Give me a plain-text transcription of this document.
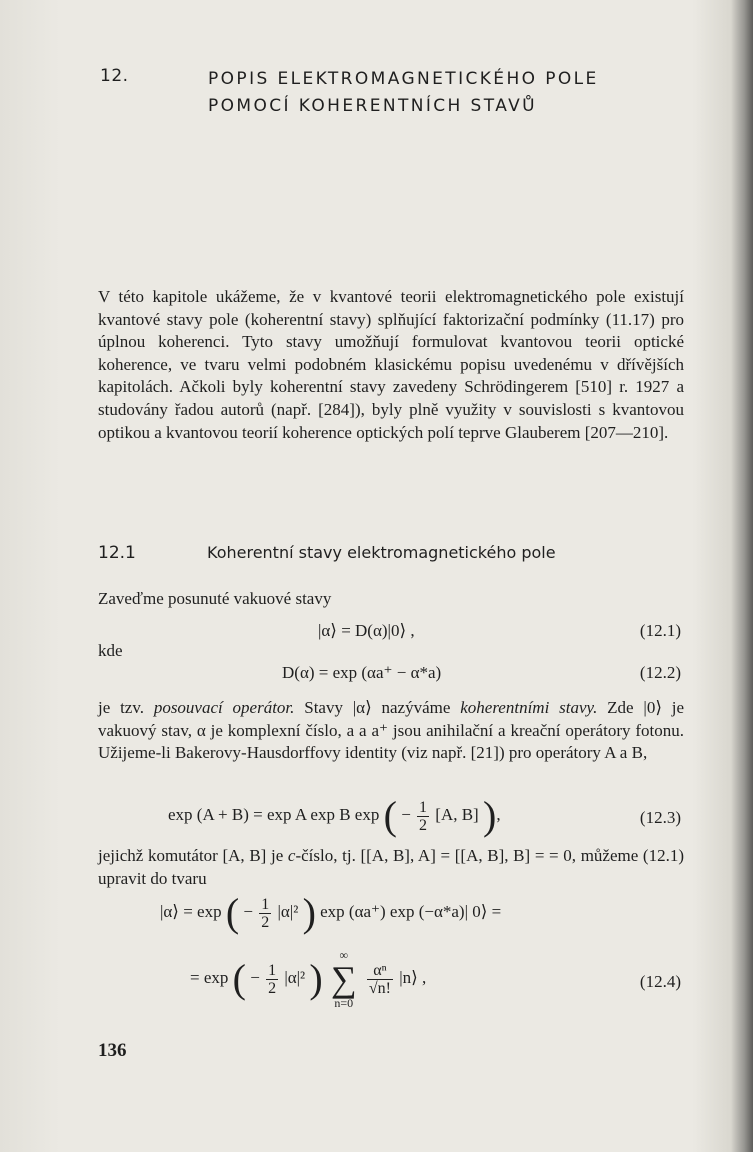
12.	POPIS ELEKTROMAGNETICKÉHO POLE
POMOCÍ KOHERENTNÍCH STAVŮ
V této kapitole ukážeme, že v kvantové teorii elektromagnetického pole existují kvantové stavy pole (koherentní stavy) splňující faktorizační podmínky (11.17) pro úplnou koherenci. Tyto stavy umožňují formulovat kvantovou teorii optické koherence, ve tvaru velmi podobném klasickému popisu uvedenému v dřívějších kapitolách. Ačkoli byly koherentní stavy zavedeny Schrödingerem [510] r. 1927 a studovány řadou autorů (např. [284]), byly plně využity v souvislosti s kvantovou optikou a kvantovou teorií koherence optických polí teprve Glauberem [207—210].
12.1	Koherentní stavy elektromagnetického pole
Zaveďme posunuté vakuové stavy
|α⟩ = D(α)|0⟩ ,	(12.1)
kde
D(α) = exp (αa⁺ − α*a)	(12.2)
je tzv. posouvací operátor. Stavy |α⟩ nazýváme koherentními stavy. Zde |0⟩ je vakuový stav, α je komplexní číslo, a a a⁺ jsou anihilační a kreační operátory fotonu. Užijeme-li Bakerovy-Hausdorffovy identity (viz např. [21]) pro operátory A a B,
exp (A + B) = exp A exp B exp ( − $\frac{1}{2} [A$, B] ),	(12.3)
jejichž komutátor [A, B] je c-číslo, tj. [[A, B], A] = [[A, B], B] = = 0, můžeme (12.1) upravit do tvaru
|α⟩ = exp ( − $\frac{1}{2} |\alpha|^2$ ) exp (αa⁺) exp (−α*a)| 0⟩ =
= exp ( − $\frac{1}{2} |\alpha|^2$ )
∞
∑
n=0

$\frac{\text{αⁿ}}{√n!}$ |n⟩ ,	(12.4)
136
